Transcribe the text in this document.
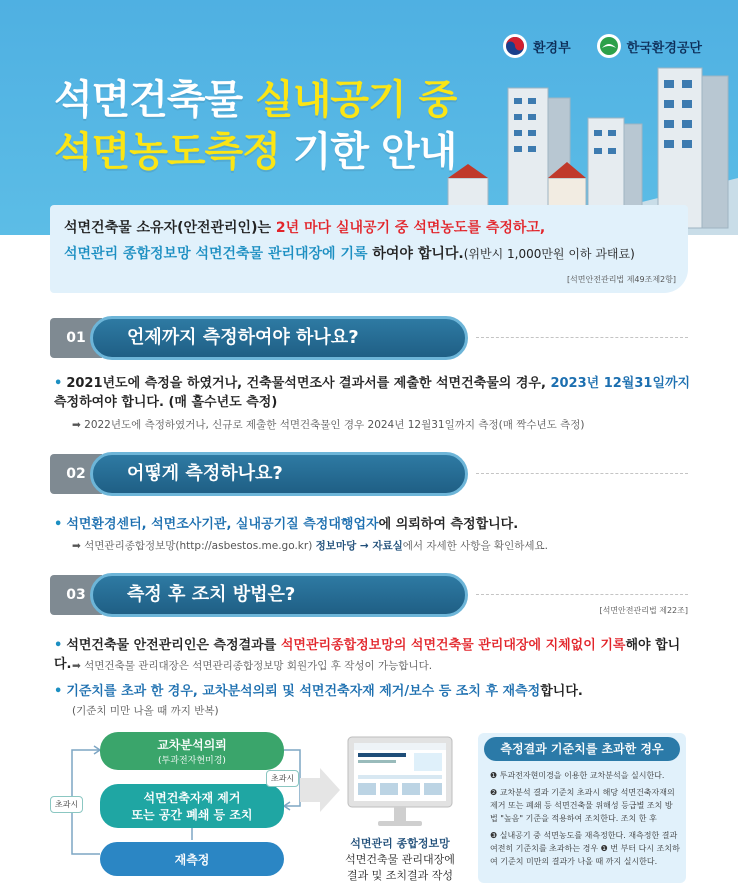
환경부	한국환경공단
석면건축물 실내공기 중
석면농도측정 기한 안내

석면건축물 소유자(안전관리인)는 2년 마다 실내공기 중 석면농도를 측정하고,

석면관리 종합정보망 석면건축물 관리대장에 기록 하여야 합니다.(위반시 1,000만원 이하 과태료)

[석면안전관리법 제49조제2항]
01	언제까지 측정하여야 하나요?
• 2021년도에 측정을 하였거나, 건축물석면조사 결과서를 제출한 석면건축물의 경우, 2023년 12월31일까지 측정하여야 합니다. (매 홀수년도 측정)
➡ 2022년도에 측정하였거나, 신규로 제출한 석면건축물인 경우 2024년 12월31일까지 측정(매 짝수년도 측정)
02	어떻게 측정하나요?
• 석면환경센터, 석면조사기관, 실내공기질 측정대행업자에 의뢰하여 측정합니다.
➡ 석면관리종합정보망(http://asbestos.me.go.kr) 정보마당 → 자료실에서 자세한 사항을 확인하세요.
03	측정 후 조치 방법은?
[석면안전관리법 제22조]
• 석면건축물 안전관리인은 측정결과를 석면관리종합정보망의 석면건축물 관리대장에 지체없이 기록해야 합니다. ➡ 석면건축물 관리대장은 석면관리종합정보망 회원가입 후 작성이 가능합니다.
• 기준치를 초과 한 경우, 교차분석의뢰 및 석면건축자재 제거/보수 등 조치 후 재측정합니다.
(기준치 미만 나올 때 까지 반복)
교차분석의뢰
(투과전자현미경)
석면건축자재 제거
또는 공간 폐쇄 등 조치
재측정
초과시
초과시
석면관리 종합정보망
석면건축물 관리대장에
결과 및 조치결과 작성
측정결과 기준치를 초과한 경우
❶ 투과전자현미경을 이용한 교차분석을 실시한다.
❷ 교차분석 결과 기준치 초과시 해당 석면건축자재의 제거 또는 폐쇄 등 석면건축물 위해성 등급별 조치 방법 "높음" 기준을 적용하여 조치한다. 조치 한 후
❸ 실내공기 중 석면농도를 재측정한다. 재측정한 결과 여전히 기준치를 초과하는 경우 ❶ 번 부터 다시 조치하여 기준치 미만의 결과가 나올 때 까지 실시한다.
